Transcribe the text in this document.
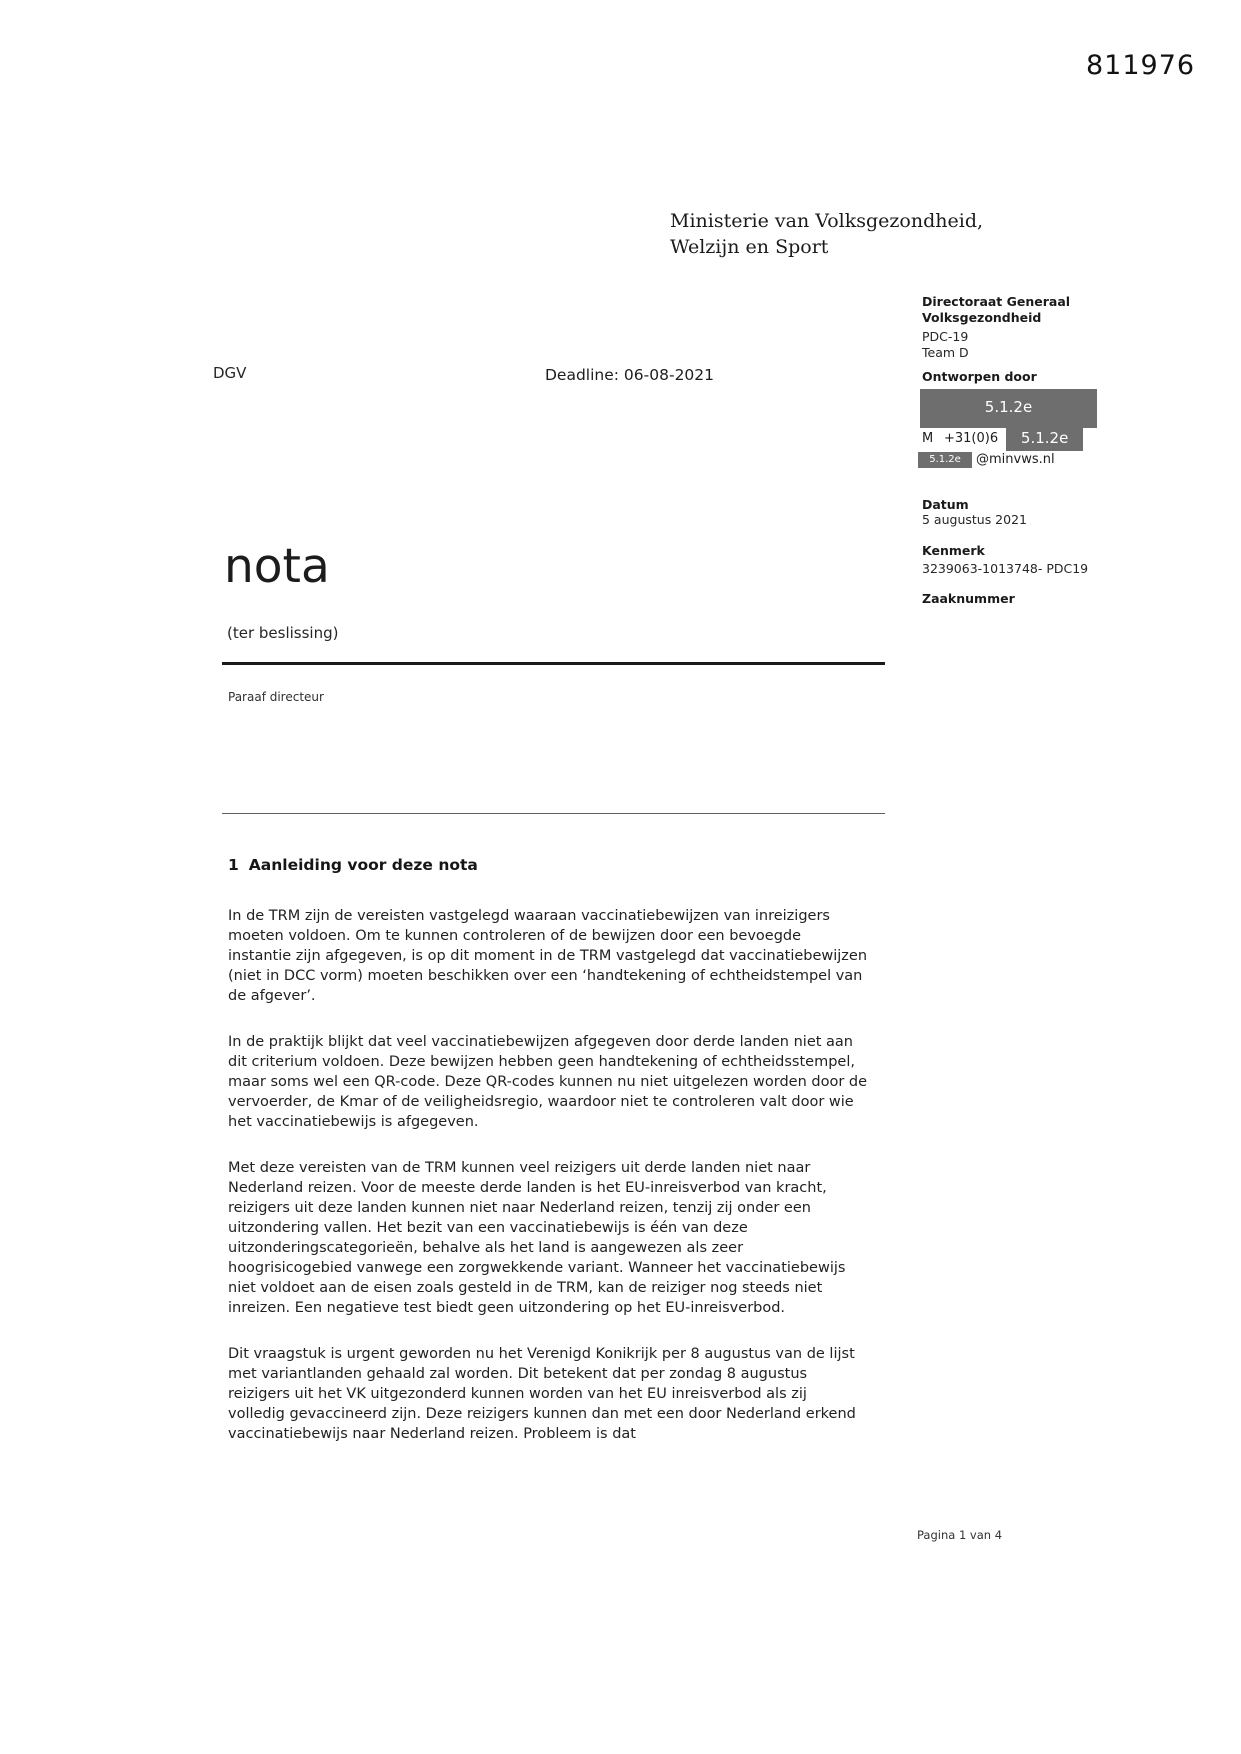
811976
Ministerie van Volksgezondheid,
Welzijn en Sport
DGV	Deadline: 06-08-2021
Directoraat Generaal
Volksgezondheid
PDC-19
Team D
Ontworpen door
5.1.2e
M +31(0)6	5.1.2e
5.1.2e	@minvws.nl
Datum
5 augustus 2021
Kenmerk
3239063-1013748- PDC19
Zaaknummer
nota
(ter beslissing)
Paraaf directeur
1 Aanleiding voor deze nota

In de TRM zijn de vereisten vastgelegd waaraan vaccinatiebewijzen van inreizigers moeten voldoen. Om te kunnen controleren of de bewijzen door een bevoegde instantie zijn afgegeven, is op dit moment in de TRM vastgelegd dat vaccinatiebewijzen (niet in DCC vorm) moeten beschikken over een ‘handtekening of echtheidstempel van de afgever’.

In de praktijk blijkt dat veel vaccinatiebewijzen afgegeven door derde landen niet aan dit criterium voldoen. Deze bewijzen hebben geen handtekening of echtheidsstempel, maar soms wel een QR-code. Deze QR-codes kunnen nu niet uitgelezen worden door de vervoerder, de Kmar of de veiligheidsregio, waardoor niet te controleren valt door wie het vaccinatiebewijs is afgegeven.

Met deze vereisten van de TRM kunnen veel reizigers uit derde landen niet naar Nederland reizen. Voor de meeste derde landen is het EU-inreisverbod van kracht, reizigers uit deze landen kunnen niet naar Nederland reizen, tenzij zij onder een uitzondering vallen. Het bezit van een vaccinatiebewijs is één van deze uitzonderingscategorieën, behalve als het land is aangewezen als zeer hoogrisicogebied vanwege een zorgwekkende variant. Wanneer het vaccinatiebewijs niet voldoet aan de eisen zoals gesteld in de TRM, kan de reiziger nog steeds niet inreizen. Een negatieve test biedt geen uitzondering op het EU-inreisverbod.

Dit vraagstuk is urgent geworden nu het Verenigd Konikrijk per 8 augustus van de lijst met variantlanden gehaald zal worden. Dit betekent dat per zondag 8 augustus reizigers uit het VK uitgezonderd kunnen worden van het EU inreisverbod als zij volledig gevaccineerd zijn. Deze reizigers kunnen dan met een door Nederland erkend vaccinatiebewijs naar Nederland reizen. Probleem is dat

Pagina 1 van 4
